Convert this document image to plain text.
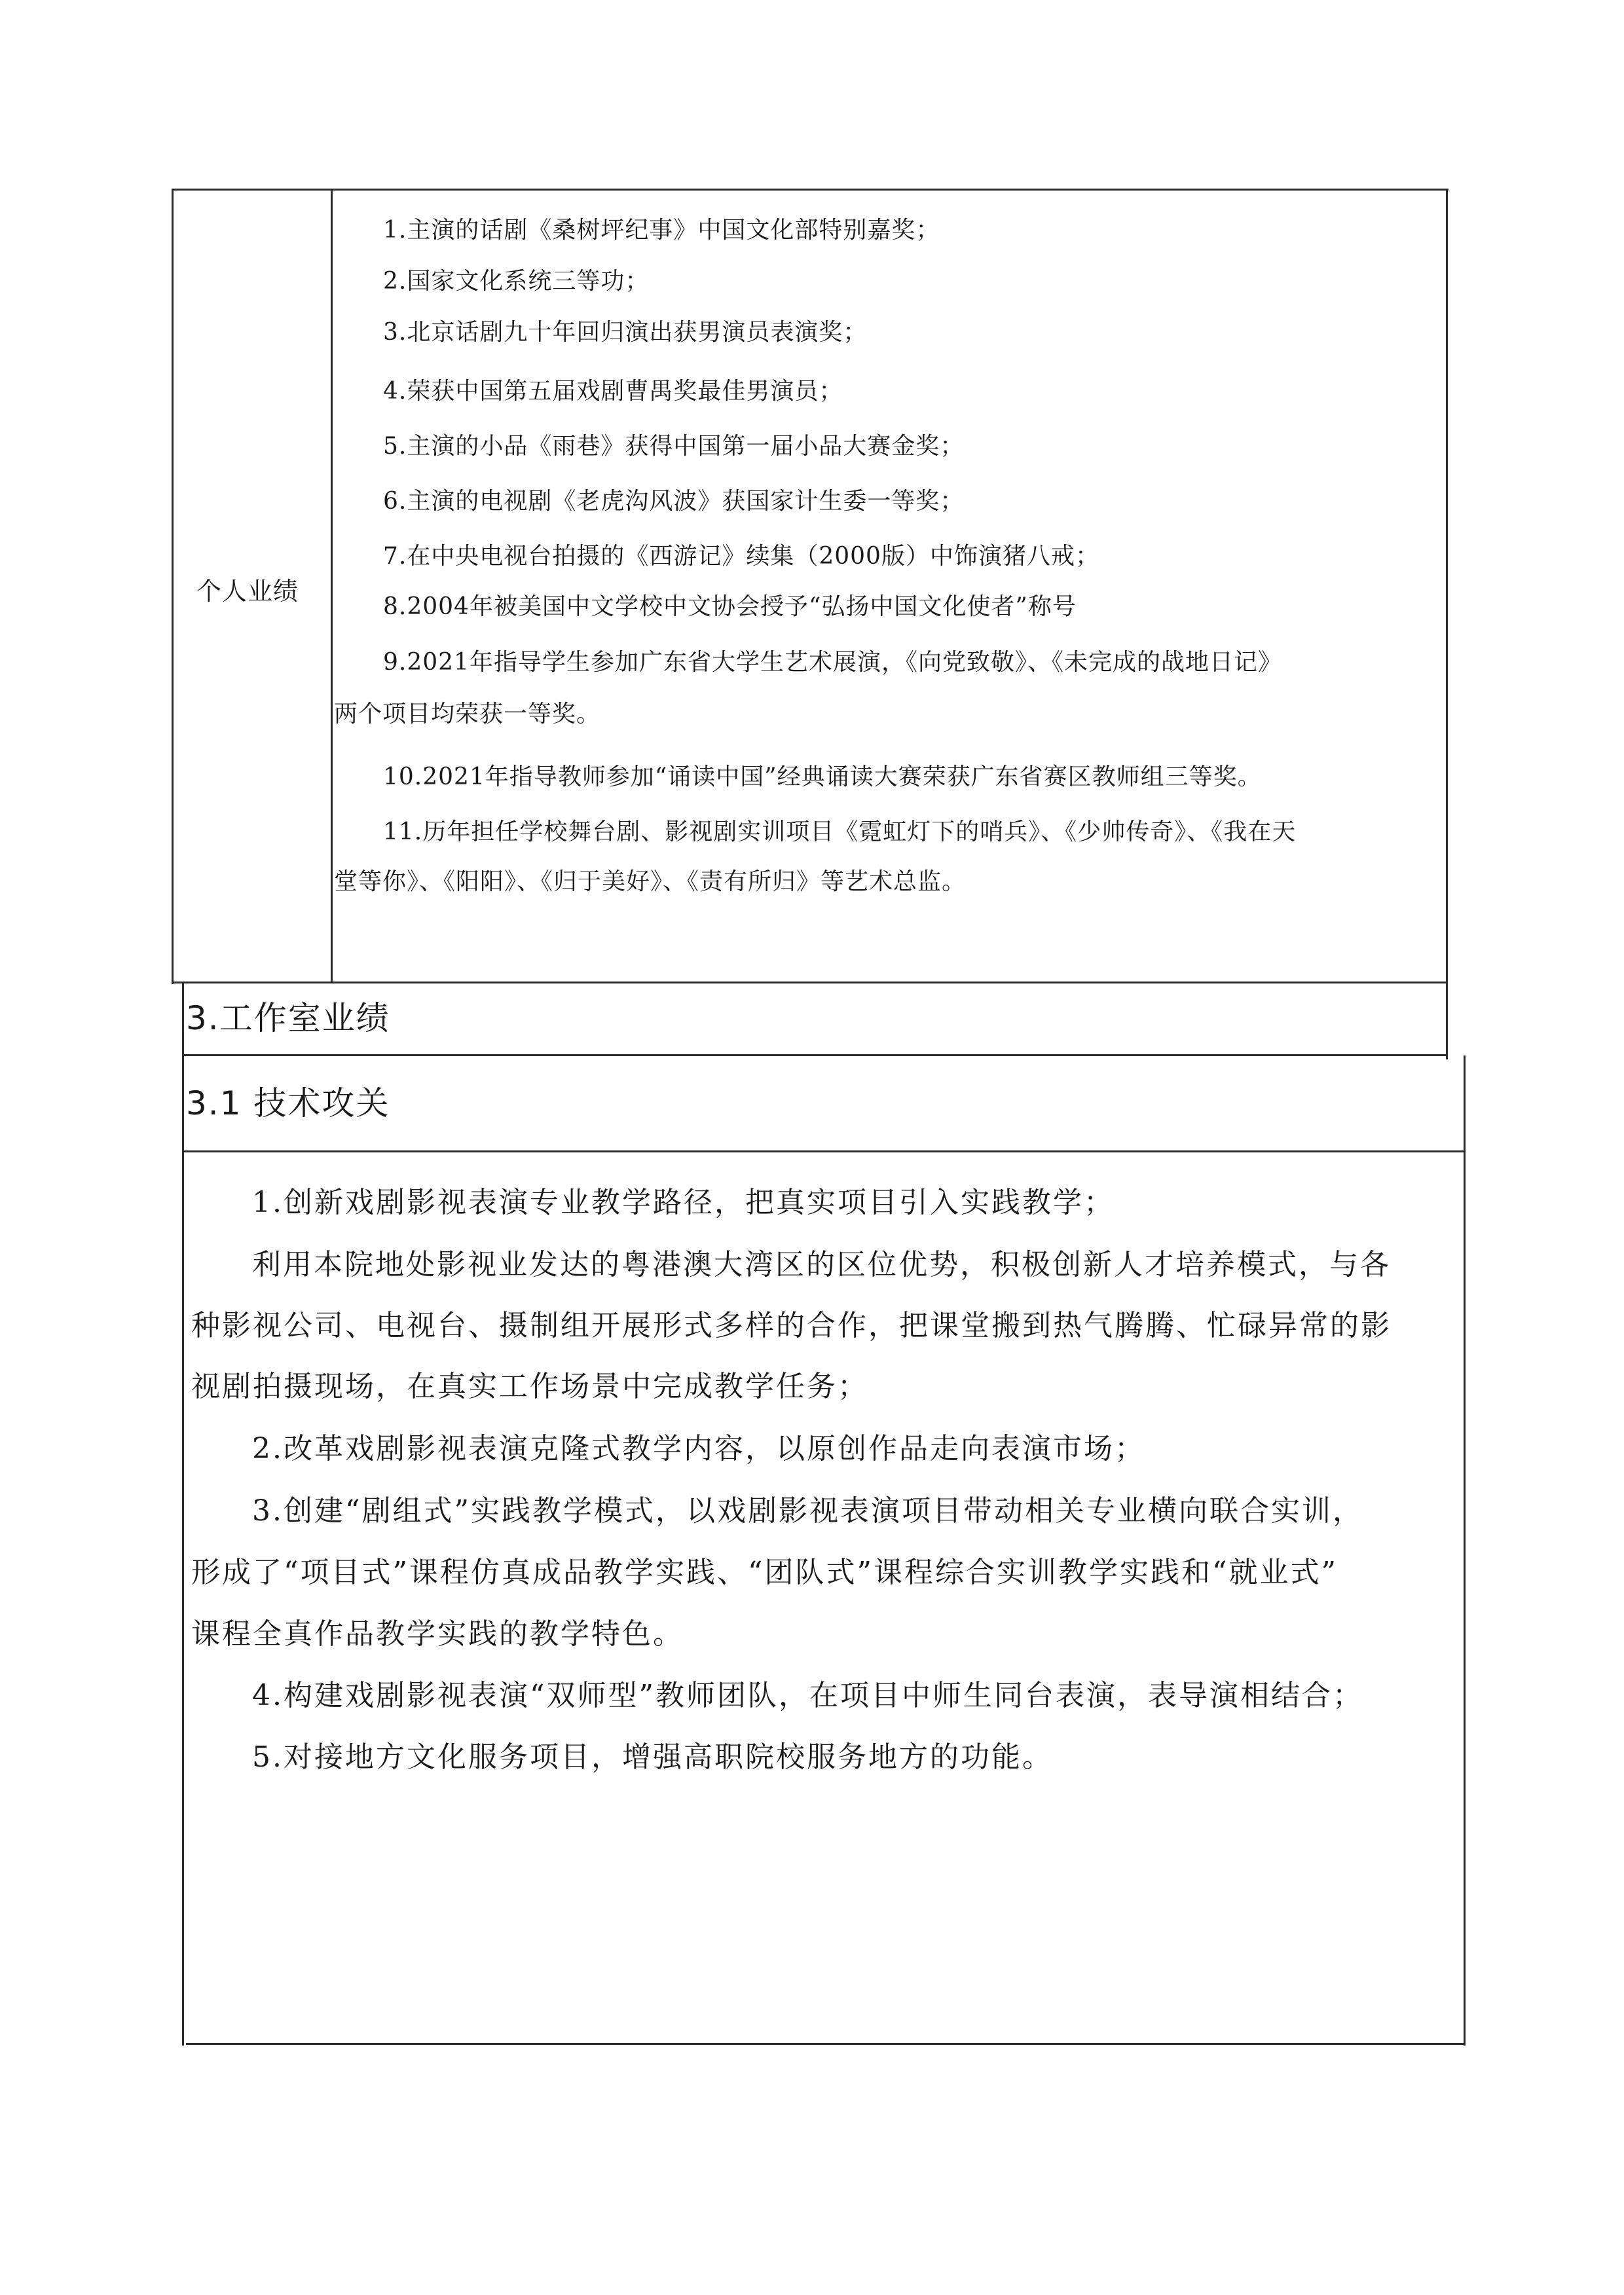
个人业绩
1.主演的话剧《桑树坪纪事》中国文化部特别嘉奖；
2.国家文化系统三等功；
3.北京话剧九十年回归演出获男演员表演奖；
4.荣获中国第五届戏剧曹禺奖最佳男演员；
5.主演的小品《雨巷》获得中国第一届小品大赛金奖；
6.主演的电视剧《老虎沟风波》获国家计生委一等奖；
7.在中央电视台拍摄的《西游记》续集（2000版）中饰演猪八戒；
8.2004年被美国中文学校中文协会授予“弘扬中国文化使者”称号
9.2021年指导学生参加广东省大学生艺术展演，《向党致敬》、《未完成的战地日记》
两个项目均荣获一等奖。
10.2021年指导教师参加“诵读中国”经典诵读大赛荣获广东省赛区教师组三等奖。
11.历年担任学校舞台剧、影视剧实训项目《霓虹灯下的哨兵》、《少帅传奇》、《我在天
堂等你》、《阳阳》、《归于美好》、《责有所归》等艺术总监。
3.工作室业绩
3.1 技术攻关
1.创新戏剧影视表演专业教学路径，把真实项目引入实践教学；
利用本院地处影视业发达的粤港澳大湾区的区位优势，积极创新人才培养模式，与各
种影视公司、电视台、摄制组开展形式多样的合作，把课堂搬到热气腾腾、忙碌异常的影
视剧拍摄现场，在真实工作场景中完成教学任务；
2.改革戏剧影视表演克隆式教学内容，以原创作品走向表演市场；
3.创建“剧组式”实践教学模式，以戏剧影视表演项目带动相关专业横向联合实训，
形成了“项目式”课程仿真成品教学实践、“团队式”课程综合实训教学实践和“就业式”
课程全真作品教学实践的教学特色。
4.构建戏剧影视表演“双师型”教师团队，在项目中师生同台表演，表导演相结合；
5.对接地方文化服务项目，增强高职院校服务地方的功能。
